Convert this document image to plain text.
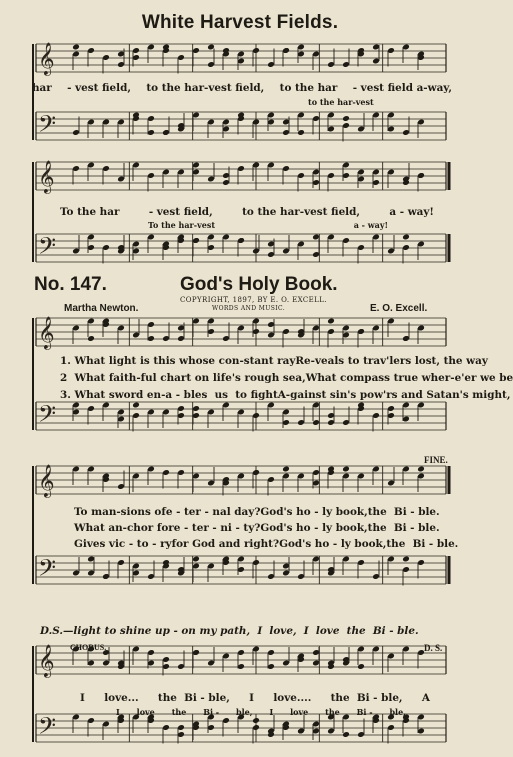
𝄞
𝄢
𝄞
𝄢
𝄞
𝄢
𝄞
𝄢
𝄞
𝄢
White Harvest Fields.
har - vest field, to the har-vest field, to the har - vest field a-way,
to the har-vest
To the har	- vest field,	to the har-vest field,	a - way!
To the har-vest	a - way!
No. 147.	God's Holy Book.
COPYRIGHT, 1897, BY E. O. EXCELL.
WORDS AND MUSIC.
Martha Newton.	E. O. Excell.
1. What light is this whose con-stant ray Re-veals to trav'lers lost, the way
2  What faith-ful chart on life's rough sea, What compass true wher-e'er we be
3. What sword en-a - bles  us  to fight A-gainst sin's pow'rs and Satan's might,
FINE.
To man-sions of e - ter - nal day? God's ho - ly book, the  Bi - ble.
What an-chor for e - ter - ni - ty? God's ho - ly book, the  Bi - ble.
Gives vic - to - ry for God and right? God's ho - ly book, the  Bi - ble.
D.S.—light to shine up - on my path,  I  love,  I  love  the  Bi - ble.
CHORUS.	D. S.
I love... the  Bi - ble, I love.... the  Bi - ble, A
I love the Bi - ble, I love the Bi - ble,
